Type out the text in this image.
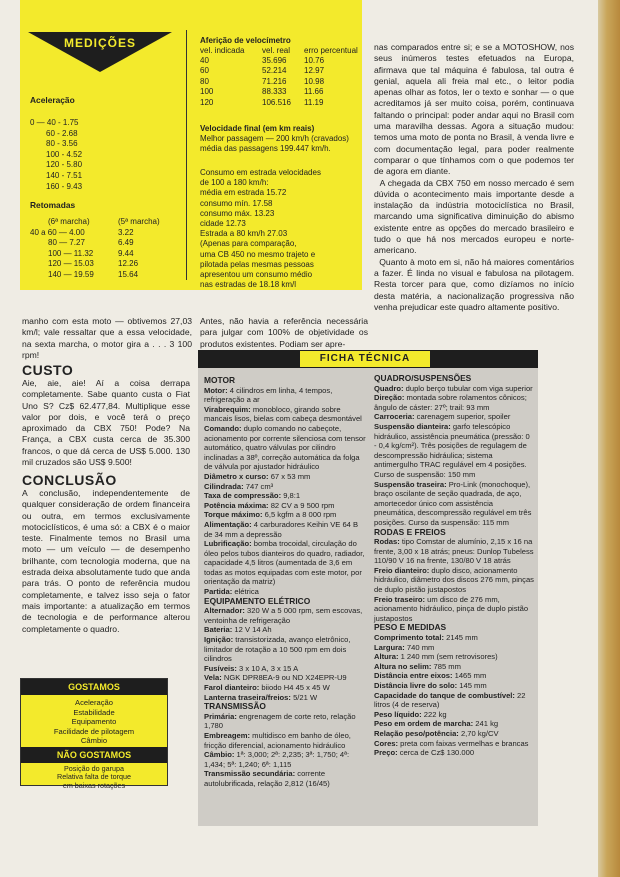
MEDIÇÕES
Aceleração
Retomadas
(6ª marcha)	(5ª marcha)
Aferição de velocímetro
vel. indicada vel. real erro percentual
Velocidade final (em km reais)
Melhor passagem — 200 km/h (cravados)
média das passagens 199.447 km/h.
nas comparados entre si; e se a MOTOSHOW, nos seus inúmeros testes efetuados na Europa, afirmava que tal máquina é fabulosa, tal outra é genial, aquela ali freia mal etc., o leitor podia apenas olhar as fotos, ler o texto e sonhar — o que acreditamos já ser muito coisa, porém, continuava faltando o principal: poder andar aqui no Brasil com uma maravilha dessas. Agora a situação mudou: temos uma moto de ponta no Brasil, à venda livre e com documentação legal, para poder realmente comparar o que tínhamos com o que podemos ter de agora em diante.
A chegada da CBX 750 em nosso mercado é sem dúvida o acontecimento mais importante desde a instalação da indústria motociclística no Brasil, marcando uma significativa diminuição do abismo existente entre as opções do mercado brasileiro e tudo o que há nos mercados europeu e norte-americano.
Quanto à moto em si, não há maiores comentários a fazer. É linda no visual e fabulosa na pilotagem. Resta torcer para que, como dizíamos no início desta matéria, a nacionalização progressiva não venha prejudicar este quadro altamente positivo.
manho com esta moto — obtivemos 27,03 km/l; vale ressaltar que a essa velocidade, na sexta marcha, o motor gira a . . . 3 100 rpm!
Antes, não havia a referência necessária para julgar com 100% de objetividade os produtos existentes. Podiam ser apre-
CUSTO
Aie, aie, aie! Aí a coisa derrapa completamente. Sabe quanto custa o Fiat Uno S? Cz$ 62.477,84. Multiplique esse valor por dois, e você terá o preço aproximado da CBX 750! Pode? Na França, a CBX custa cerca de 35.300 francos, o que dá cerca de US$ 5.000. 130 mil cruzados são US$ 9.500!
CONCLUSÃO
A conclusão, independentemente de qualquer consideração de ordem financeira ou outra, em termos exclusivamente motociclísticos, é uma só: a CBX é o maior teste. Finalmente temos no Brasil uma moto — um veículo — de desempenho brilhante, com tecnologia moderna, que na estrada deixa absolutamente tudo que anda para trás. O ponto de referência mudou completamente, e talvez isso seja o fator mais importante: a atualização em termos de tecnologia e de performance alterou completamente o quadro.
GOSTAMOS
Aceleração
Estabilidade
Equipamento
Facilidade de pilotagem
Câmbio
NÃO GOSTAMOS
Posição do garupa
Relativa falta de torque
em baixas rotações
FICHA TÉCNICA

MOTOR

Motor: 4 cilindros em linha, 4 tempos, refrigeração a ar

Virabrequim: monobloco, girando sobre mancais lisos, bielas com cabeça desmontável

Comando: duplo comando no cabeçote, acionamento por corrente silenciosa com tensor automático, quatro válvulas por cilindro inclinadas a 38º, correção automática da folga de válvula por ajustador hidráulico

Diâmetro x curso: 67 x 53 mm

Cilindrada: 747 cm³

Taxa de compressão: 9,8:1

Potência máxima: 82 CV a 9 500 rpm

Torque máximo: 6,5 kgfm a 8 000 rpm

Alimentação: 4 carburadores Keihin VE 64 B de 34 mm a depressão

Lubrificação: bomba trocoidal, circulação do óleo pelos tubos dianteiros do quadro, radiador, capacidade 4,5 litros (aumentada de 3,6 em todas as motos equipadas com este motor, por orientação da matriz)

Partida: elétrica

EQUIPAMENTO ELÉTRICO

Alternador: 320 W a 5 000 rpm, sem escovas, ventoinha de refrigeração

Bateria: 12 V 14 Ah

Ignição: transistorizada, avanço eletrônico, limitador de rotação a 10 500 rpm em dois cilindros

Fusíveis: 3 x 10 A, 3 x 15 A

Vela: NGK DPR8EA-9 ou ND X24EPR-U9

Farol dianteiro: biiodo H4 45 x 45 W

Lanterna traseira/freios: 5/21 W

TRANSMISSÃO

Primária: engrenagem de corte reto, relação 1,780

Embreagem: multidisco em banho de óleo, fricção diferencial, acionamento hidráulico

Câmbio: 1ª: 3,000; 2ª: 2,235; 3ª: 1,750; 4ª: 1,434; 5ª: 1,240; 6ª: 1,115

Transmissão secundária: corrente autolubrificada, relação 2,812 (16/45)

QUADRO/SUSPENSÕES

Quadro: duplo berço tubular com viga superior

Direção: montada sobre rolamentos cônicos; ângulo de cáster: 27º; trail: 93 mm

Carroceria: carenagem superior, spoiler

Suspensão dianteira: garfo telescópico hidráulico, assistência pneumática (pressão: 0 - 0,4 kg/cm²). Três posições de regulagem de descompressão hidráulica; sistema antimergulho TRAC regulável em 4 posições. Curso de suspensão: 150 mm

Suspensão traseira: Pro-Link (monochoque), braço oscilante de seção quadrada, de aço, amortecedor único com assistência pneumática, descompressão regulável em três posições. Curso da suspensão: 115 mm

RODAS E FREIOS

Rodas: tipo Comstar de alumínio, 2,15 x 16 na frente, 3,00 x 18 atrás; pneus: Dunlop Tubeless 110/90 V 16 na frente, 130/80 V 18 atrás

Freio dianteiro: duplo disco, acionamento hidráulico, diâmetro dos discos 276 mm, pinças de duplo pistão justapostos

Freio traseiro: um disco de 276 mm, acionamento hidráulico, pinça de duplo pistão justapostos

PESO E MEDIDAS

Comprimento total: 2145 mm

Largura: 740 mm

Altura: 1 240 mm (sem retrovisores)

Altura no selim: 785 mm

Distância entre eixos: 1465 mm

Distância livre do solo: 145 mm

Capacidade do tanque de combustível: 22 litros (4 de reserva)

Peso líquido: 222 kg

Peso em ordem de marcha: 241 kg

Relação peso/potência: 2,70 kg/CV

Cores: preta com faixas vermelhas e brancas

Preço: cerca de Cz$ 130.000

0 — 40 - 1.75
60 - 2.68
80 - 3.56
100 - 4.52
120 - 5.80
140 - 7.51
160 - 9.43
40 a 60 — 4.00	3.22
80 — 7.27	6.49
100 — 11.32	9.44
120 — 15.03	12.26
140 — 19.59	15.64
40	35.696 10.76
60	52.214 12.97
80	71.216 10.98
100	88.333 11.66
120	106.516 11.19
Consumo em estrada velocidades
de 100 a 180 km/h:
média em estrada 15.72
consumo mín. 17.58
consumo máx. 13.23
cidade 12.73
Estrada a 80 km/h 27.03
(Apenas para comparação,
uma CB 450 no mesmo trajeto e
pilotada pelas mesmas pessoas
apresentou um consumo médio
nas estradas de 18.18 km/l
